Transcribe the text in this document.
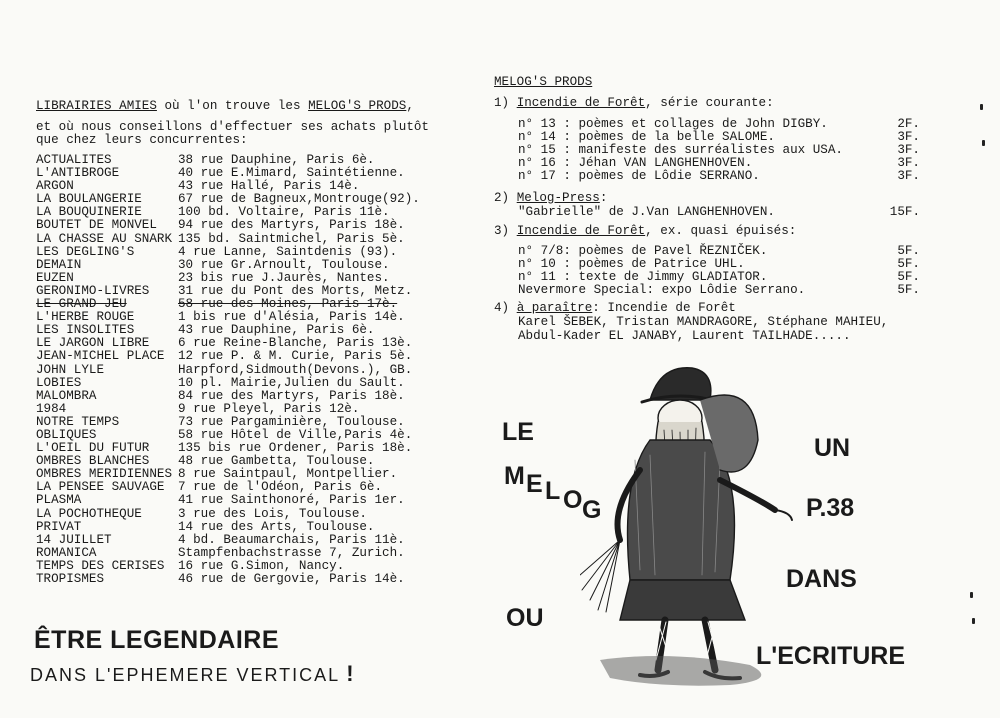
LIBRAIRIES AMIES où l'on trouve les MELOG'S PRODS,
et où nous conseillons d'effectuer ses achats plutôt
que chez leurs concurrentes:
ACTUALITES	38 rue Dauphine, Paris 6è.
L'ANTIBROGE	40 rue E.Mimard, Saintétienne.
ARGON	43 rue Hallé, Paris 14è.
LA BOULANGERIE	67 rue de Bagneux,Montrouge(92).
LA BOUQUINERIE	100 bd. Voltaire, Paris 11è.
BOUTET DE MONVEL	94 rue des Martyrs, Paris 18è.
LA CHASSE AU SNARK 135 bd. Saintmichel, Paris 5è.
LES DEGLING'S	4 rue Lanne, Saintdenis (93).
DEMAIN	30 rue Gr.Arnoult, Toulouse.
EUZEN	23 bis rue J.Jaurès, Nantes.
GERONIMO-LIVRES	31 rue du Pont des Morts, Metz.
LE GRAND JEU	58 rue des Moines, Paris 17è.
L'HERBE ROUGE	1 bis rue d'Alésia, Paris 14è.
LES INSOLITES	43 rue Dauphine, Paris 6è.
LE JARGON LIBRE	6 rue Reine-Blanche, Paris 13è.
JEAN-MICHEL PLACE	12 rue P. & M. Curie, Paris 5è.
JOHN LYLE	Harpford,Sidmouth(Devons.), GB.
LOBIES	10 pl. Mairie,Julien du Sault.
MALOMBRA	84 rue des Martyrs, Paris 18è.
1984	9 rue Pleyel, Paris 12è.
NOTRE TEMPS	73 rue Pargaminière, Toulouse.
OBLIQUES	58 rue Hôtel de Ville,Paris 4è.
L'OEIL DU FUTUR	135 bis rue Ordener, Paris 18è.
OMBRES BLANCHES	48 rue Gambetta, Toulouse.
OMBRES MERIDIENNES 8 rue Saintpaul, Montpellier.
LA PENSEE SAUVAGE	7 rue de l'Odéon, Paris 6è.
PLASMA	41 rue Sainthonoré, Paris 1er.
LA POCHOTHEQUE	3 rue des Lois, Toulouse.
PRIVAT	14 rue des Arts, Toulouse.
14 JUILLET	4 bd. Beaumarchais, Paris 11è.
ROMANICA	Stampfenbachstrasse 7, Zurich.
TEMPS DES CERISES	16 rue G.Simon, Nancy.
TROPISMES	46 rue de Gergovie, Paris 14è.
ÊTRE LEGENDAIRE
DANS L'EPHEMERE VERTICAL !
MELOG'S PRODS
1) Incendie de Forêt, série courante:
n° 13 : poèmes et collages de John DIGBY.	2F.
n° 14 : poèmes de la belle SALOME.	3F.
n° 15 : manifeste des surréalistes aux USA.	3F.
n° 16 : Jéhan VAN LANGHENHOVEN.	3F.
n° 17 : poèmes de Lôdie SERRANO.	3F.
2) Melog-Press:
"Gabrielle" de J.Van LANGHENHOVEN.	15F.
3) Incendie de Forêt, ex. quasi épuisés:
n° 7/8: poèmes de Pavel ŘEZNIČEK.	5F.
n° 10 : poèmes de Patrice UHL.	5F.
n° 11 : texte de Jimmy GLADIATOR.	5F.
Nevermore Special: expo Lôdie Serrano.	5F.
4) à paraître: Incendie de Forêt
Karel ŠEBEK, Tristan MANDRAGORE, Stéphane MAHIEU,
Abdul-Kader EL JANABY, Laurent TAILHADE.....
LE
M E L O G
OU
UN
P.38
DANS
L'ECRITURE
